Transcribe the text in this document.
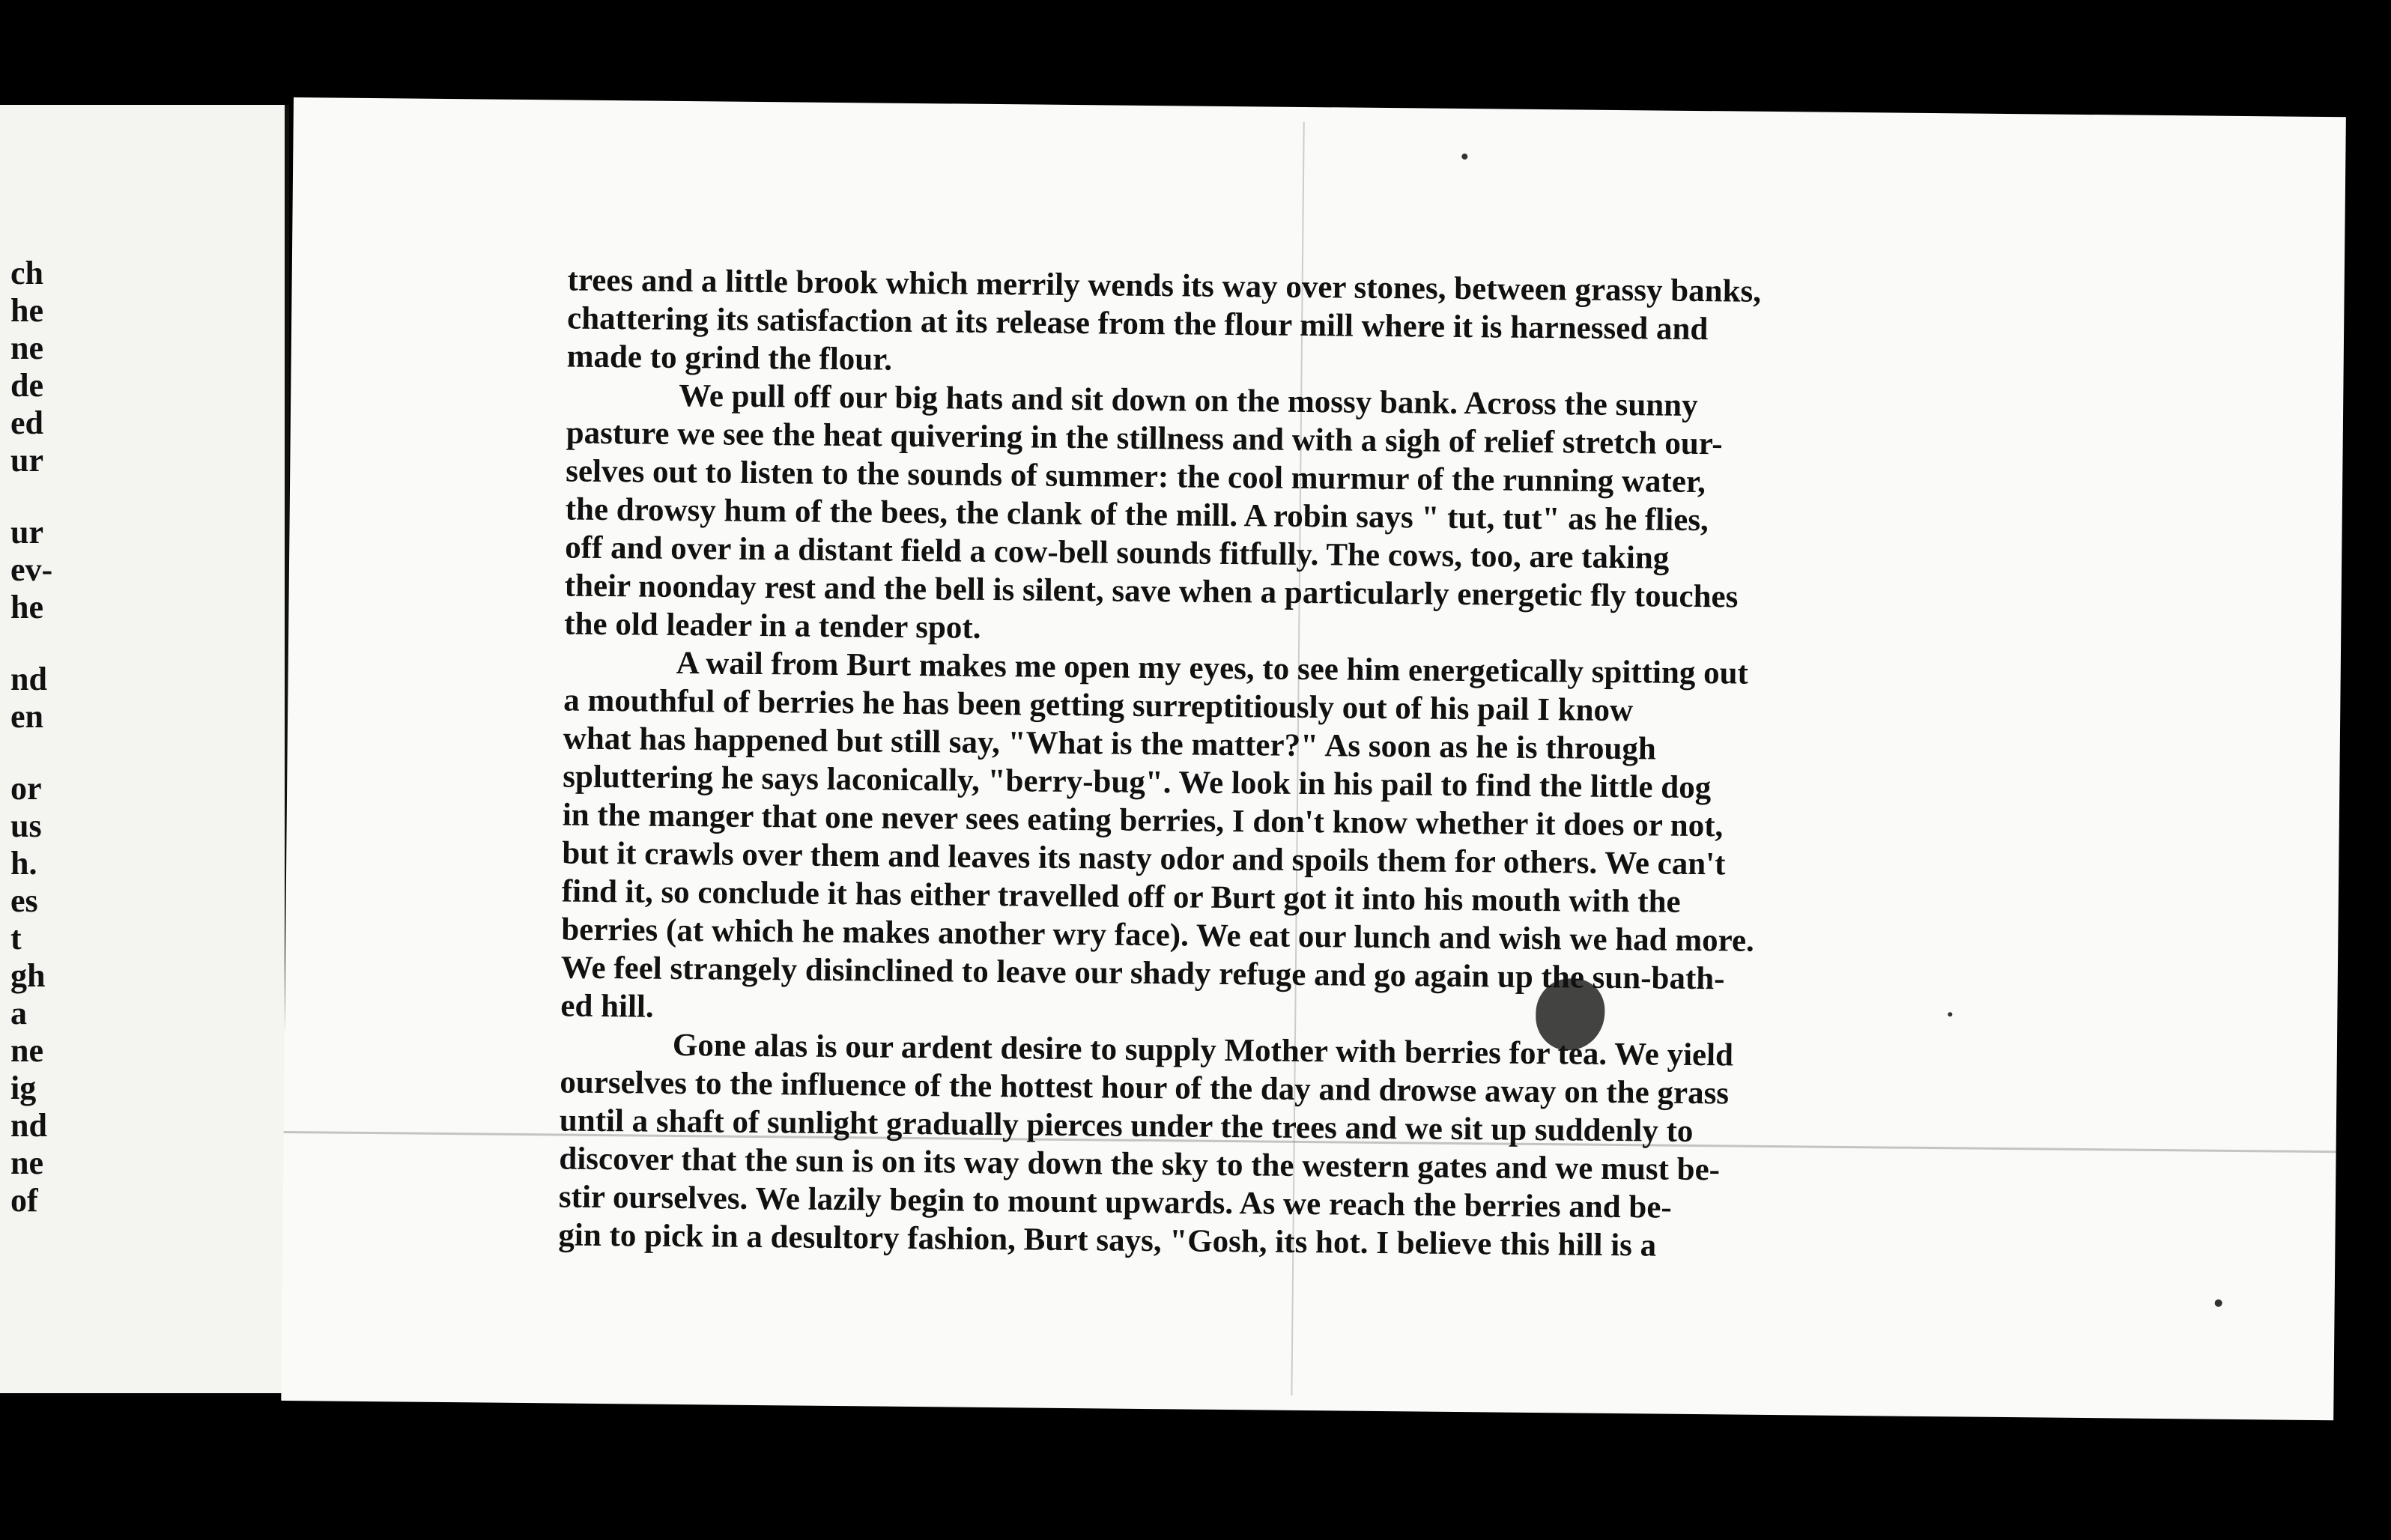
ch
he
ne
de
ed
ur
ur
ev-
he
nd
en
or
us
h.
es
t
gh
a
ne
ig
nd
ne
of

trees and a little brook which merrily wends its way over stones, between grassy banks,

chattering its satisfaction at its release from the flour mill where it is harnessed and

made to grind the flour.

We pull off our big hats and sit down on the mossy bank. Across the sunny

pasture we see the heat quivering in the stillness and with a sigh of relief stretch our-

selves out to listen to the sounds of summer: the cool murmur of the running water,

the drowsy hum of the bees, the clank of the mill. A robin says " tut, tut" as he flies,

off and over in a distant field a cow-bell sounds fitfully. The cows, too, are taking

their noonday rest and the bell is silent, save when a particularly energetic fly touches

the old leader in a tender spot.

A wail from Burt makes me open my eyes, to see him energetically spitting out

a mouthful of berries he has been getting surreptitiously out of his pail I know

what has happened but still say, "What is the matter?" As soon as he is through

spluttering he says laconically, "berry-bug". We look in his pail to find the little dog

in the manger that one never sees eating berries, I don't know whether it does or not,

but it crawls over them and leaves its nasty odor and spoils them for others. We can't

find it, so conclude it has either travelled off or Burt got it into his mouth with the

berries (at which he makes another wry face). We eat our lunch and wish we had more.

We feel strangely disinclined to leave our shady refuge and go again up the sun-bath-

ed hill.

Gone alas is our ardent desire to supply Mother with berries for tea. We yield

ourselves to the influence of the hottest hour of the day and drowse away on the grass

until a shaft of sunlight gradually pierces under the trees and we sit up suddenly to

discover that the sun is on its way down the sky to the western gates and we must be-

stir ourselves. We lazily begin to mount upwards. As we reach the berries and be-

gin to pick in a desultory fashion, Burt says, "Gosh, its hot. I believe this hill is a
